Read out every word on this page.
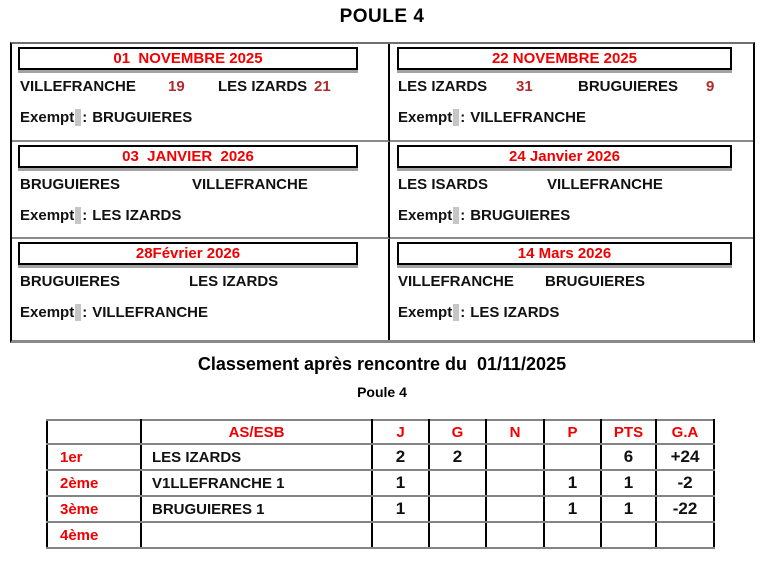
POULE 4
01  NOVEMBRE 2025
VILLEFRANCHE	19	LES IZARDS 21
Exempt : BRUGUIERES
22 NOVEMBRE 2025
LES IZARDS	31	BRUGUIERES	9
Exempt : VILLEFRANCHE
03  JANVIER  2026
BRUGUIERES	VILLEFRANCHE
Exempt : LES IZARDS
24 Janvier 2026
LES ISARDS	VILLEFRANCHE
Exempt : BRUGUIERES
28Février 2026
BRUGUIERES	LES IZARDS
Exempt : VILLEFRANCHE
14 Mars 2026
VILLEFRANCHE	BRUGUIERES
Exempt : LES IZARDS
Classement après rencontre du  01/11/2025
Poule 4
	AS/ESB	J	G	N	P	PTS	G.A
1er	LES IZARDS	2	2			6	+24
2ème	V1LLEFRANCHE 1	1			1	1	-2
3ème	BRUGUIERES 1	1			1	1	-22
4ème							
